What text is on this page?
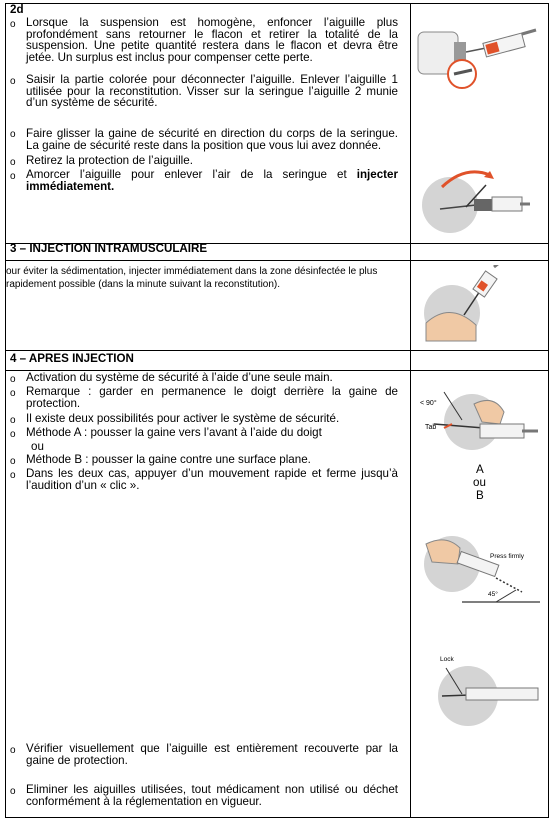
2d
o Lorsque la suspension est homogène, enfoncer l’aiguille plus profondément sans retourner le flacon et retirer la totalité de la suspension. Une petite quantité restera dans le flacon et devra être jetée. Un surplus est inclus pour compenser cette perte.
o Saisir la partie colorée pour déconnecter l’aiguille. Enlever l’aiguille 1 utilisée pour la reconstitution. Visser sur la seringue l’aiguille 2 munie d’un système de sécurité.
o Faire glisser la gaine de sécurité en direction du corps de la seringue. La gaine de sécurité reste dans la position que vous lui avez donnée.
o Retirez la protection de l’aiguille.
o Amorcer l’aiguille pour enlever l’air de la seringue et injecter immédiatement.
3 – INJECTION INTRAMUSCULAIRE
our éviter la sédimentation, injecter immédiatement dans la zone désinfectée le plus rapidement possible (dans la minute suivant la reconstitution).
4 – APRES INJECTION
o Activation du système de sécurité à l’aide d’une seule main.
o Remarque : garder en permanence le doigt derrière la gaine de protection.
o Il existe deux possibilités pour activer le système de sécurité.
o Méthode A : pousser la gaine vers l’avant à l’aide du doigt
ou
o Méthode B : pousser la gaine contre une surface plane.
o Dans les deux cas, appuyer d’un mouvement rapide et ferme jusqu’à l’audition d’un « clic ».
o Vérifier visuellement que l’aiguille est entièrement recouverte par la gaine de protection.
o Eliminer les aiguilles utilisées, tout médicament non utilisé ou déchet conformément à la réglementation en vigueur.
< 90°
Tab
A
ou
B
Press firmly
45°
Lock
